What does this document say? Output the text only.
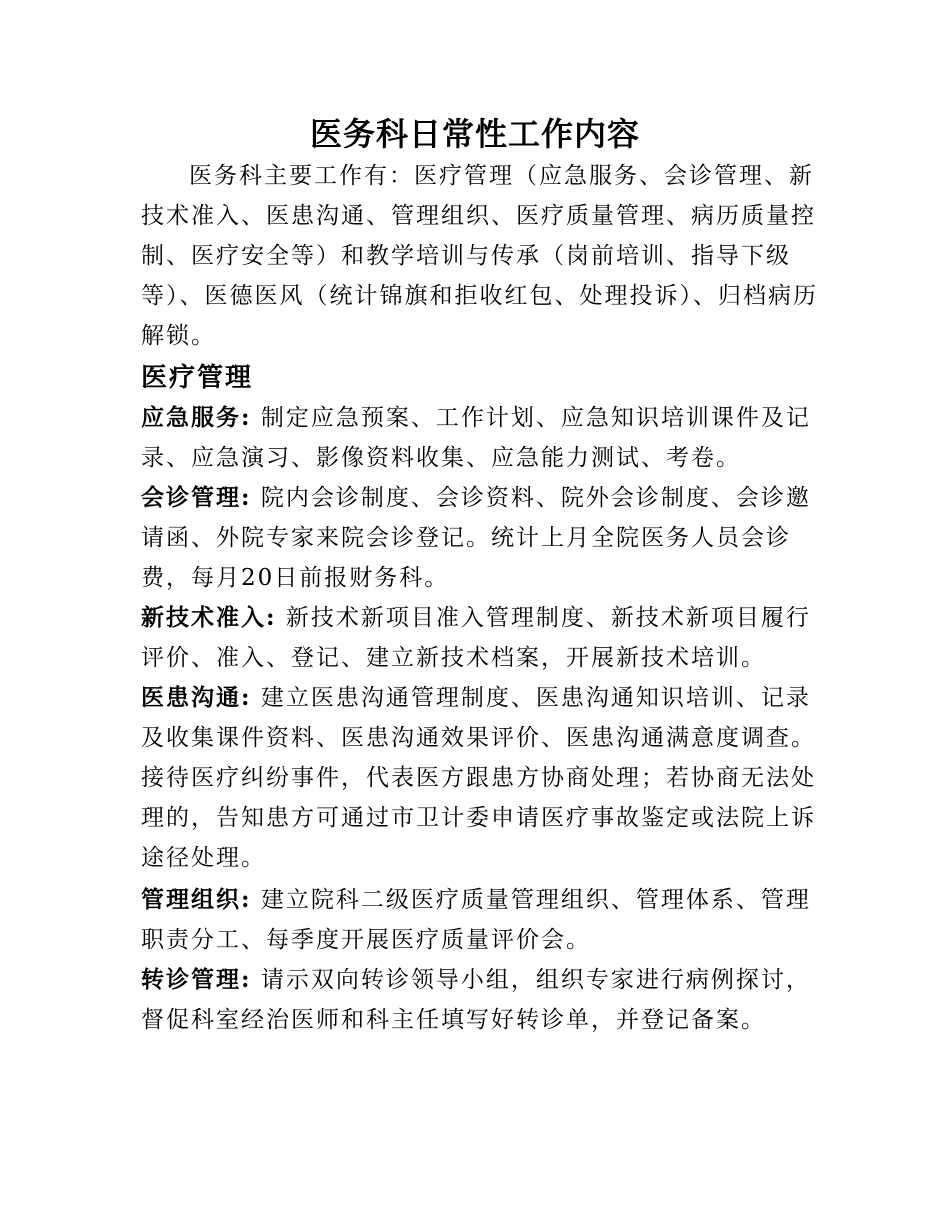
医务科日常性工作内容
医务科主要工作有：医疗管理（应急服务、会诊管理、新技术准入、医患沟通、管理组织、医疗质量管理、病历质量控制、医疗安全等）和教学培训与传承（岗前培训、指导下级等）、医德医风（统计锦旗和拒收红包、处理投诉）、归档病历解锁。
医疗管理
应急服务: 制定应急预案、工作计划、应急知识培训课件及记录、应急演习、影像资料收集、应急能力测试、考卷。
会诊管理: 院内会诊制度、会诊资料、院外会诊制度、会诊邀请函、外院专家来院会诊登记。统计上月全院医务人员会诊费，每月20日前报财务科。
新技术准入: 新技术新项目准入管理制度、新技术新项目履行评价、准入、登记、建立新技术档案，开展新技术培训。
医患沟通: 建立医患沟通管理制度、医患沟通知识培训、记录及收集课件资料、医患沟通效果评价、医患沟通满意度调查。接待医疗纠纷事件，代表医方跟患方协商处理；若协商无法处理的，告知患方可通过市卫计委申请医疗事故鉴定或法院上诉途径处理。
管理组织: 建立院科二级医疗质量管理组织、管理体系、管理职责分工、每季度开展医疗质量评价会。
转诊管理: 请示双向转诊领导小组，组织专家进行病例探讨，督促科室经治医师和科主任填写好转诊单，并登记备案。
